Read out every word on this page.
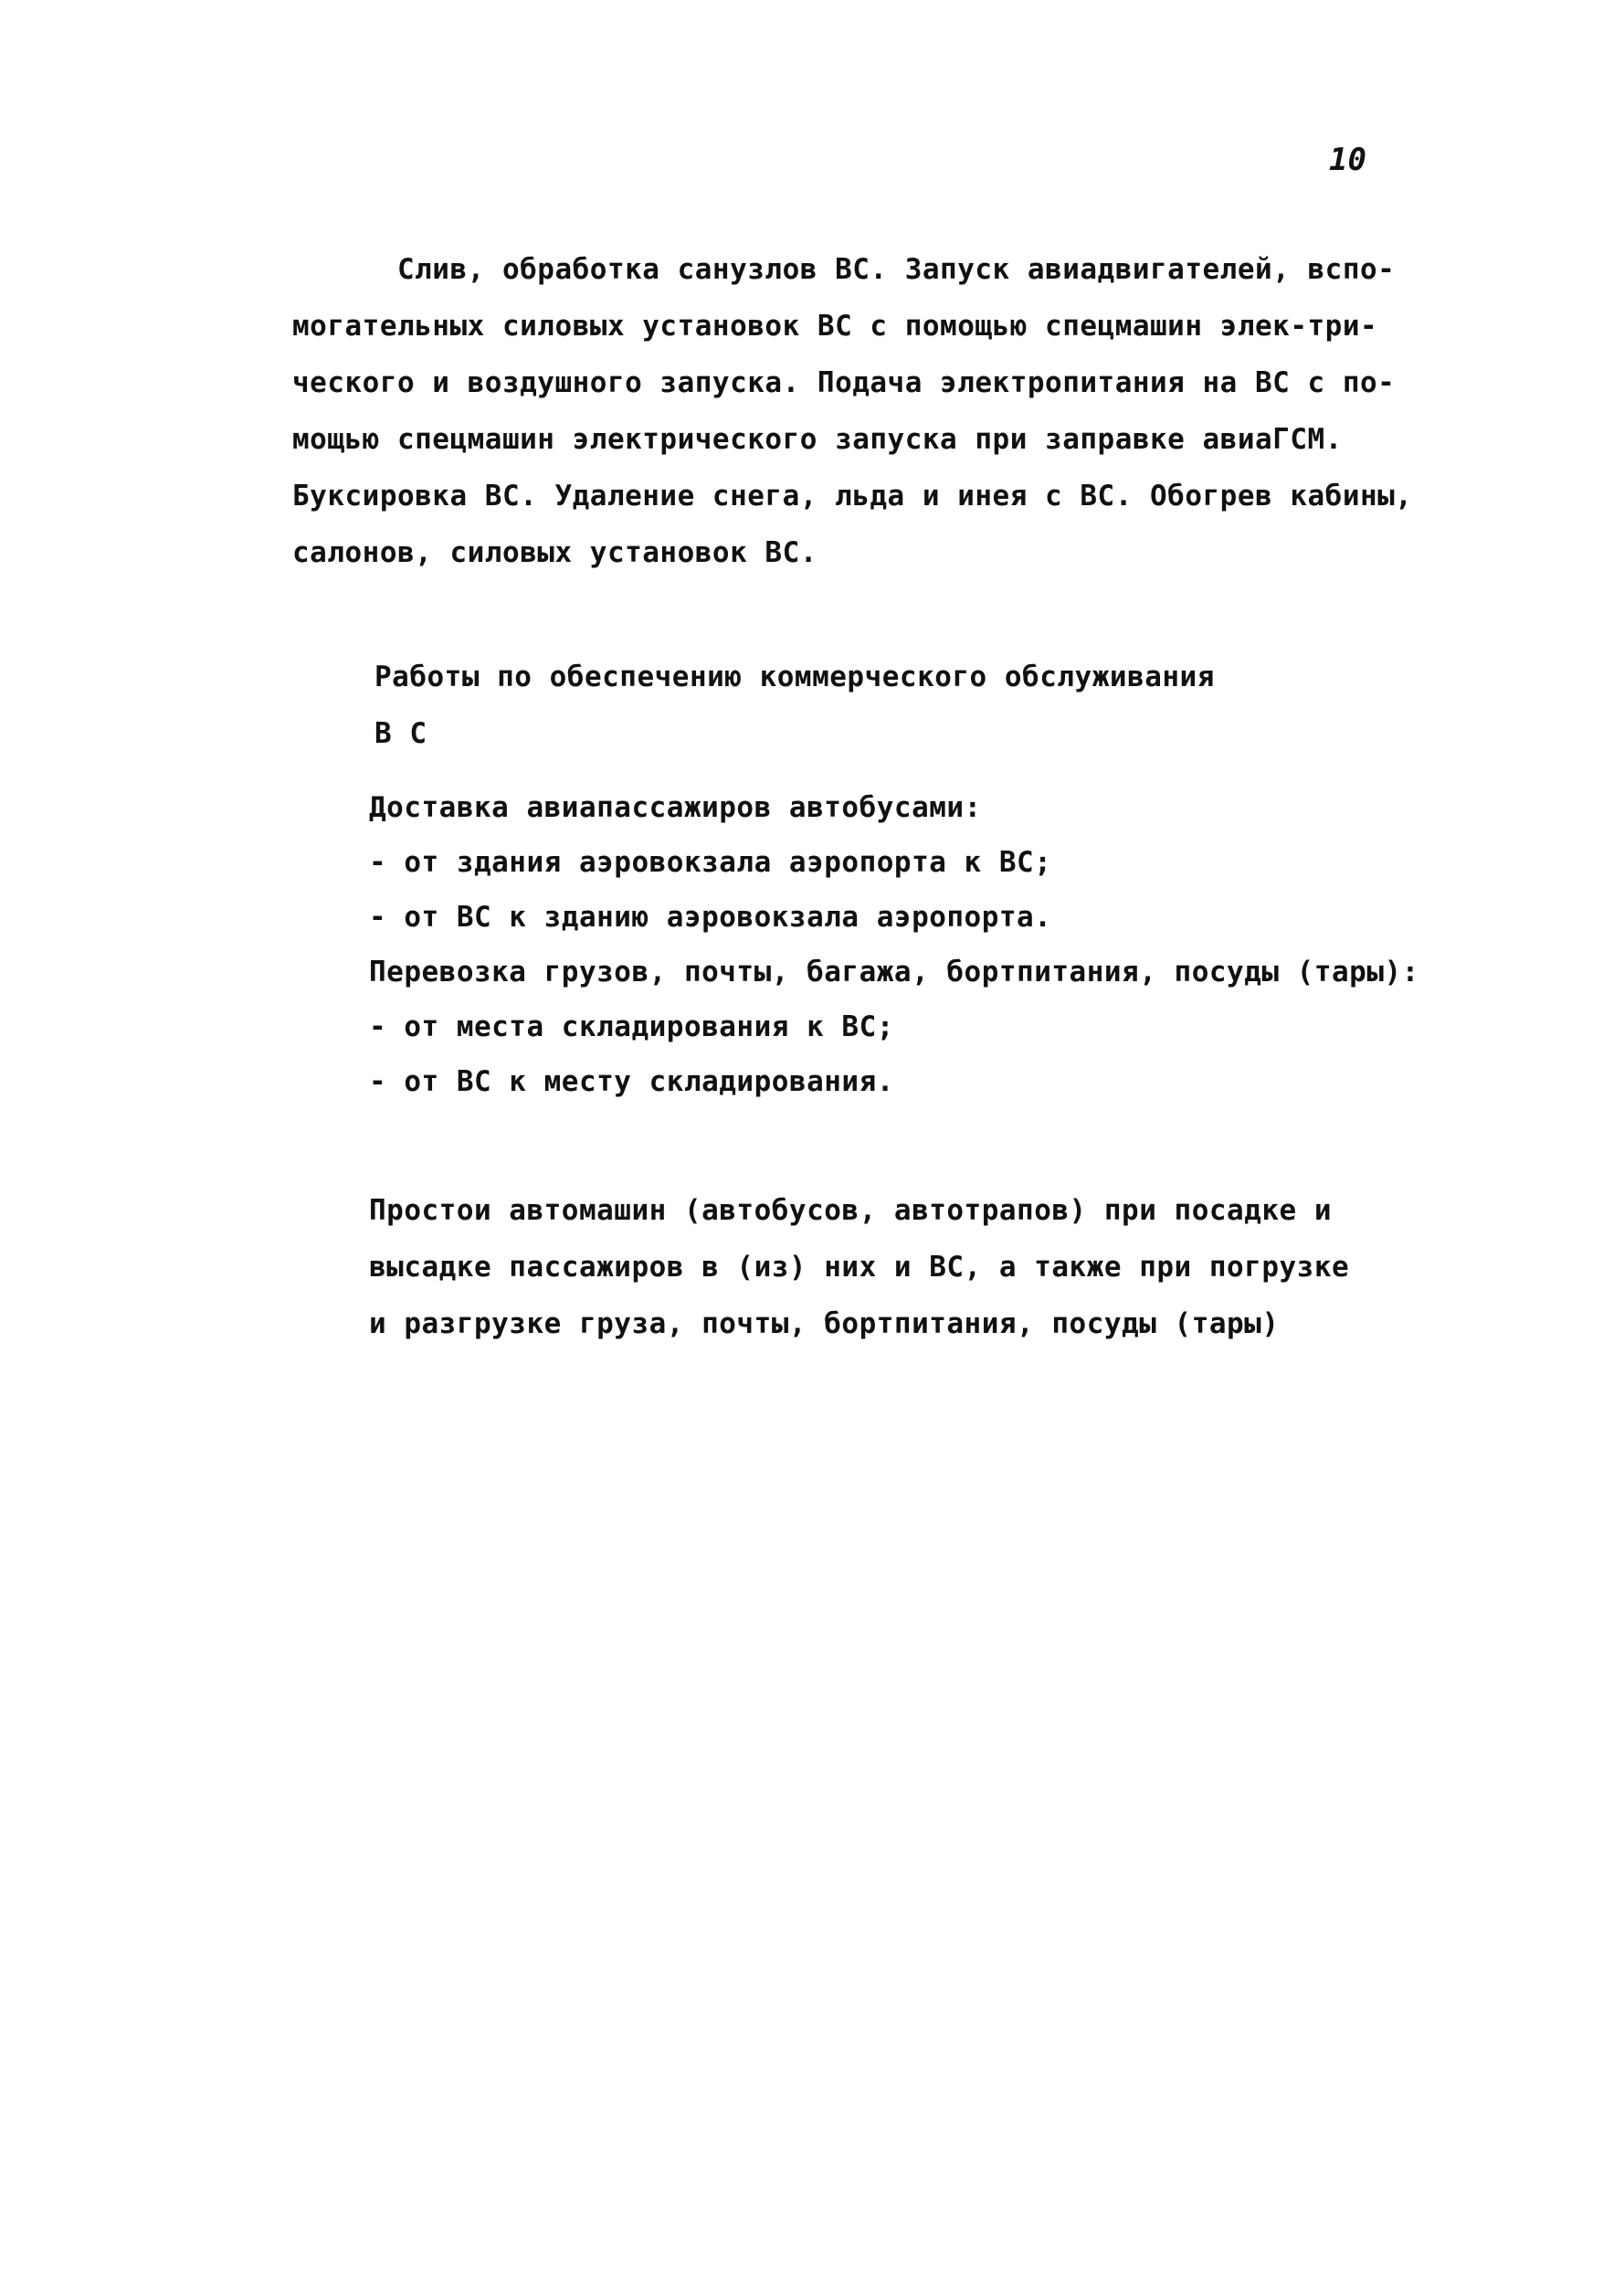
10
Слив, обработка санузлов ВС. Запуск авиадвигателей, вспо-
могательных силовых установок ВС с помощью спецмашин элек-три-
ческого и воздушного запуска. Подача электропитания на ВС с по-
мощью спецмашин электрического запуска при заправке авиаГСМ.
Буксировка ВС. Удаление снега, льда и инея с ВС. Обогрев кабины,
салонов, силовых установок ВС.
Работы по обеспечению коммерческого обслуживания
В С
Доставка авиапассажиров автобусами:
- от здания аэровокзала аэропорта к ВС;
- от ВС к зданию аэровокзала аэропорта.
Перевозка грузов, почты, багажа, бортпитания, посуды (тары):
- от места складирования к ВС;
- от ВС к месту складирования.
Простои автомашин (автобусов, автотрапов) при посадке и
высадке пассажиров в (из) них и ВС, а также при погрузке
и разгрузке груза, почты, бортпитания, посуды (тары)
